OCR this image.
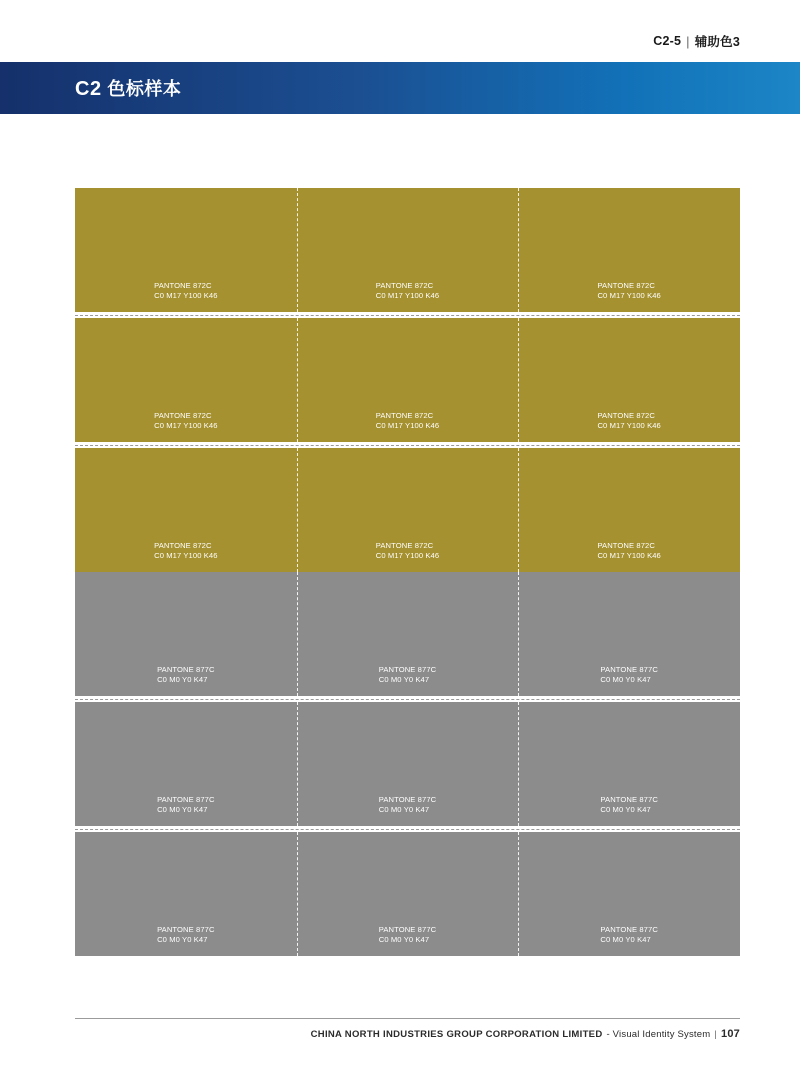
C2-5 | 辅助色3
C2 色标样本
PANTONE 872C
C0 M17 Y100 K46
PANTONE 872C
C0 M17 Y100 K46
PANTONE 872C
C0 M17 Y100 K46
PANTONE 872C
C0 M17 Y100 K46
PANTONE 872C
C0 M17 Y100 K46
PANTONE 872C
C0 M17 Y100 K46
PANTONE 872C
C0 M17 Y100 K46
PANTONE 872C
C0 M17 Y100 K46
PANTONE 872C
C0 M17 Y100 K46
PANTONE 877C
C0 M0 Y0 K47
PANTONE 877C
C0 M0 Y0 K47
PANTONE 877C
C0 M0 Y0 K47
PANTONE 877C
C0 M0 Y0 K47
PANTONE 877C
C0 M0 Y0 K47
PANTONE 877C
C0 M0 Y0 K47
PANTONE 877C
C0 M0 Y0 K47
PANTONE 877C
C0 M0 Y0 K47
PANTONE 877C
C0 M0 Y0 K47
CHINA NORTH INDUSTRIES GROUP CORPORATION LIMITED - Visual Identity System | 107
